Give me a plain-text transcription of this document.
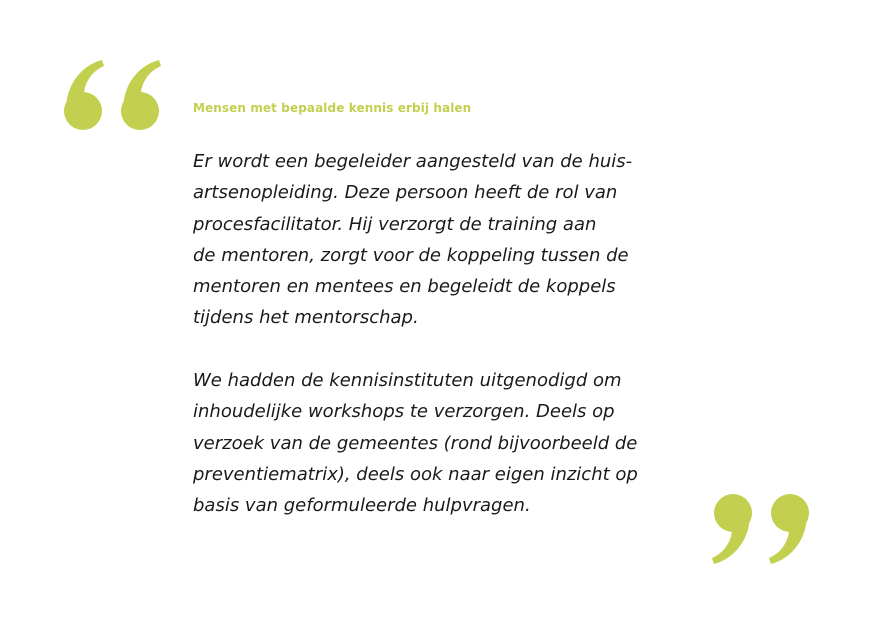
Mensen met bepaalde kennis erbij halen

Er wordt een begeleider aangesteld van de huis-
artsenopleiding. Deze persoon heeft de rol van
procesfacilitator. Hij verzorgt de training aan
de mentoren, zorgt voor de koppeling tussen de
mentoren en mentees en begeleidt de koppels
tijdens het mentorschap.

We hadden de kennisinstituten uitgenodigd om
inhoudelijke workshops te verzorgen. Deels op
verzoek van de gemeentes (rond bijvoorbeeld de
preventiematrix), deels ook naar eigen inzicht op
basis van geformuleerde hulpvragen.
